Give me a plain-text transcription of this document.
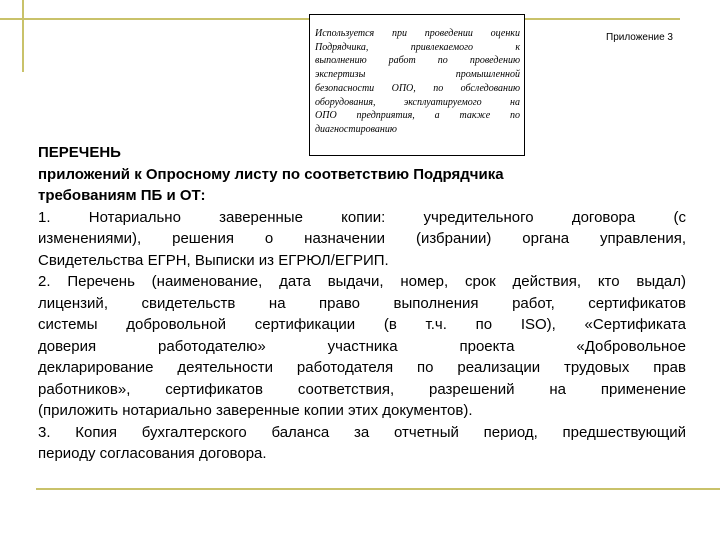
ПЕРЕЧЕНЬ
приложений к Опросному листу по соответствию Подрядчика
требованиям ПБ и ОТ:
1. Нотариально заверенные копии: учредительного договора (с
изменениями), решения о назначении (избрании) органа управления,
Свидетельства ЕГРН, Выписки из ЕГРЮЛ/ЕГРИП.
2. Перечень (наименование, дата выдачи, номер, срок действия, кто выдал)
лицензий, свидетельств на право выполнения работ, сертификатов
системы добровольной сертификации (в т.ч. по ISO), «Сертификата
доверия работодателю» участника проекта «Добровольное
декларирование деятельности работодателя по реализации трудовых прав
работников», сертификатов соответствия, разрешений на применение
(приложить нотариально заверенные копии этих документов).
3. Копия бухгалтерского баланса за отчетный период, предшествующий
периоду согласования договора.
Используется при проведении оценки
Подрядчика, привлекаемого к
выполнению работ по проведению
экспертизы промышленной
безопасности ОПО, по обследованию
оборудования, эксплуатируемого на
ОПО предприятия, а также по
диагностированию
Приложение 3
